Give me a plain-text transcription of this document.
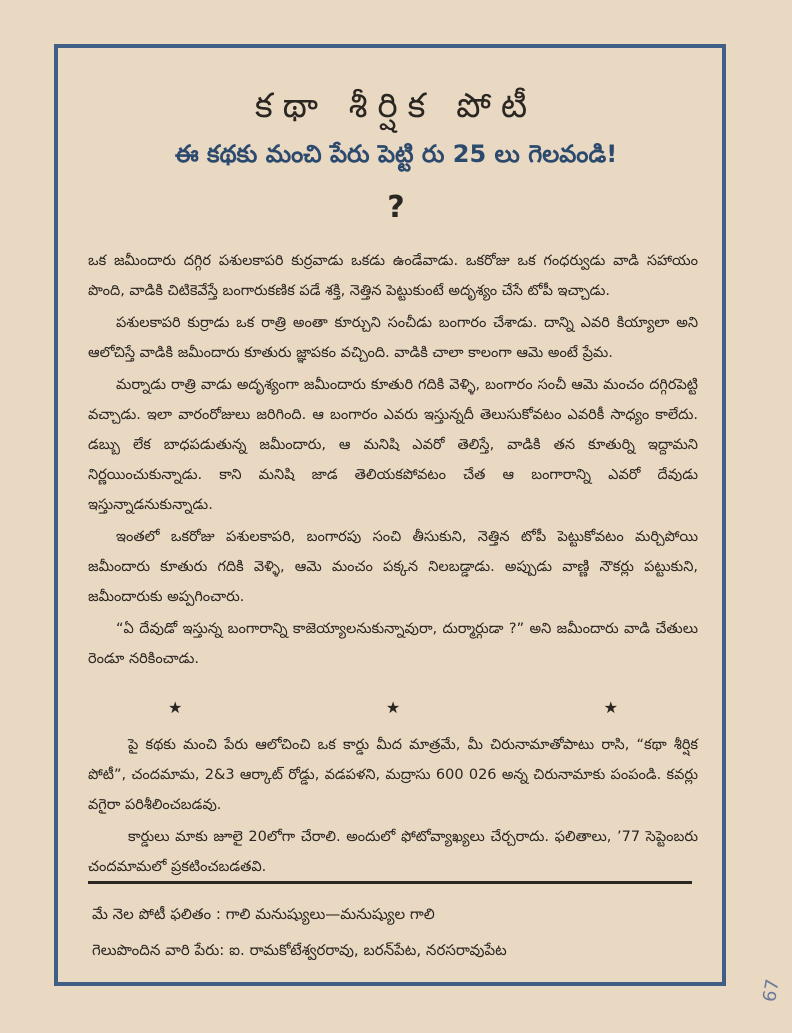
కథా శీర్షిక పోటీ
ఈ కథకు మంచి పేరు పెట్టి రు 25 లు గెలవండి!
?

ఒక జమీందారు దగ్గిర పశులకాపరి కుర్రవాడు ఒకడు ఉండేవాడు. ఒకరోజు ఒక గంధర్వుడు వాడి సహాయం పొంది, వాడికి చిటికెవేస్తే బంగారుకణిక పడే శక్తి, నెత్తిన పెట్టుకుంటే అదృశ్యం చేసే టోపీ ఇచ్చాడు.

పశులకాపరి కుర్రాడు ఒక రాత్రి అంతా కూర్చుని సంచీడు బంగారం చేశాడు. దాన్ని ఎవరి కియ్యాలా అని ఆలోచిస్తే వాడికి జమీందారు కూతురు జ్ఞాపకం వచ్చింది. వాడికి చాలా కాలంగా ఆమె అంటే ప్రేమ.

మర్నాడు రాత్రి వాడు అదృశ్యంగా జమీందారు కూతురి గదికి వెళ్ళి, బంగారం సంచీ ఆమె మంచం దగ్గిరపెట్టి వచ్చాడు. ఇలా వారంరోజులు జరిగింది. ఆ బంగారం ఎవరు ఇస్తున్నదీ తెలుసుకోవటం ఎవరికీ సాధ్యం కాలేదు. డబ్బు లేక బాధపడుతున్న జమీందారు, ఆ మనిషి ఎవరో తెలిస్తే, వాడికి తన కూతుర్ని ఇద్దామని నిర్ణయించుకున్నాడు. కాని మనిషి జాడ తెలియకపోవటం చేత ఆ బంగారాన్ని ఎవరో దేవుడు ఇస్తున్నాడనుకున్నాడు.

ఇంతలో ఒకరోజు పశులకాపరి, బంగారపు సంచి తీసుకుని, నెత్తిన టోపీ పెట్టుకోవటం మర్చిపోయి జమీందారు కూతురు గదికి వెళ్ళి, ఆమె మంచం పక్కన నిలబడ్డాడు. అప్పుడు వాణ్ణి నౌకర్లు పట్టుకుని, జమీందారుకు అప్పగించారు.

“ఏ దేవుడో ఇస్తున్న బంగారాన్ని కాజెయ్యాలనుకున్నావురా, దుర్మార్గుడా ?” అని జమీందారు వాడి చేతులు రెండూ నరికించాడు.

★	★	★

పై కథకు మంచి పేరు ఆలోచించి ఒక కార్డు మీద మాత్రమే, మీ చిరునామాతోపాటు రాసి, “కథా శీర్షిక పోటీ”, చందమామ, 2&3 ఆర్కాట్ రోడ్డు, వడపళని, మద్రాసు 600 026 అన్న చిరునామాకు పంపండి. కవర్లు వగైరా పరిశీలించబడవు.

కార్డులు మాకు జూలై 20లోగా చేరాలి. అందులో ఫోటోవ్యాఖ్యలు చేర్చరాదు. ఫలితాలు, ’77 సెప్టెంబరు చందమామలో ప్రకటించబడతవి.

మే నెల పోటీ ఫలితం : గాలి మనుష్యులు—మనుష్యుల గాలి
గెలుపొందిన వారి పేరు: ఐ. రామకోటేశ్వరరావు, బరన్‌పేట, నరసరావుపేట
67
